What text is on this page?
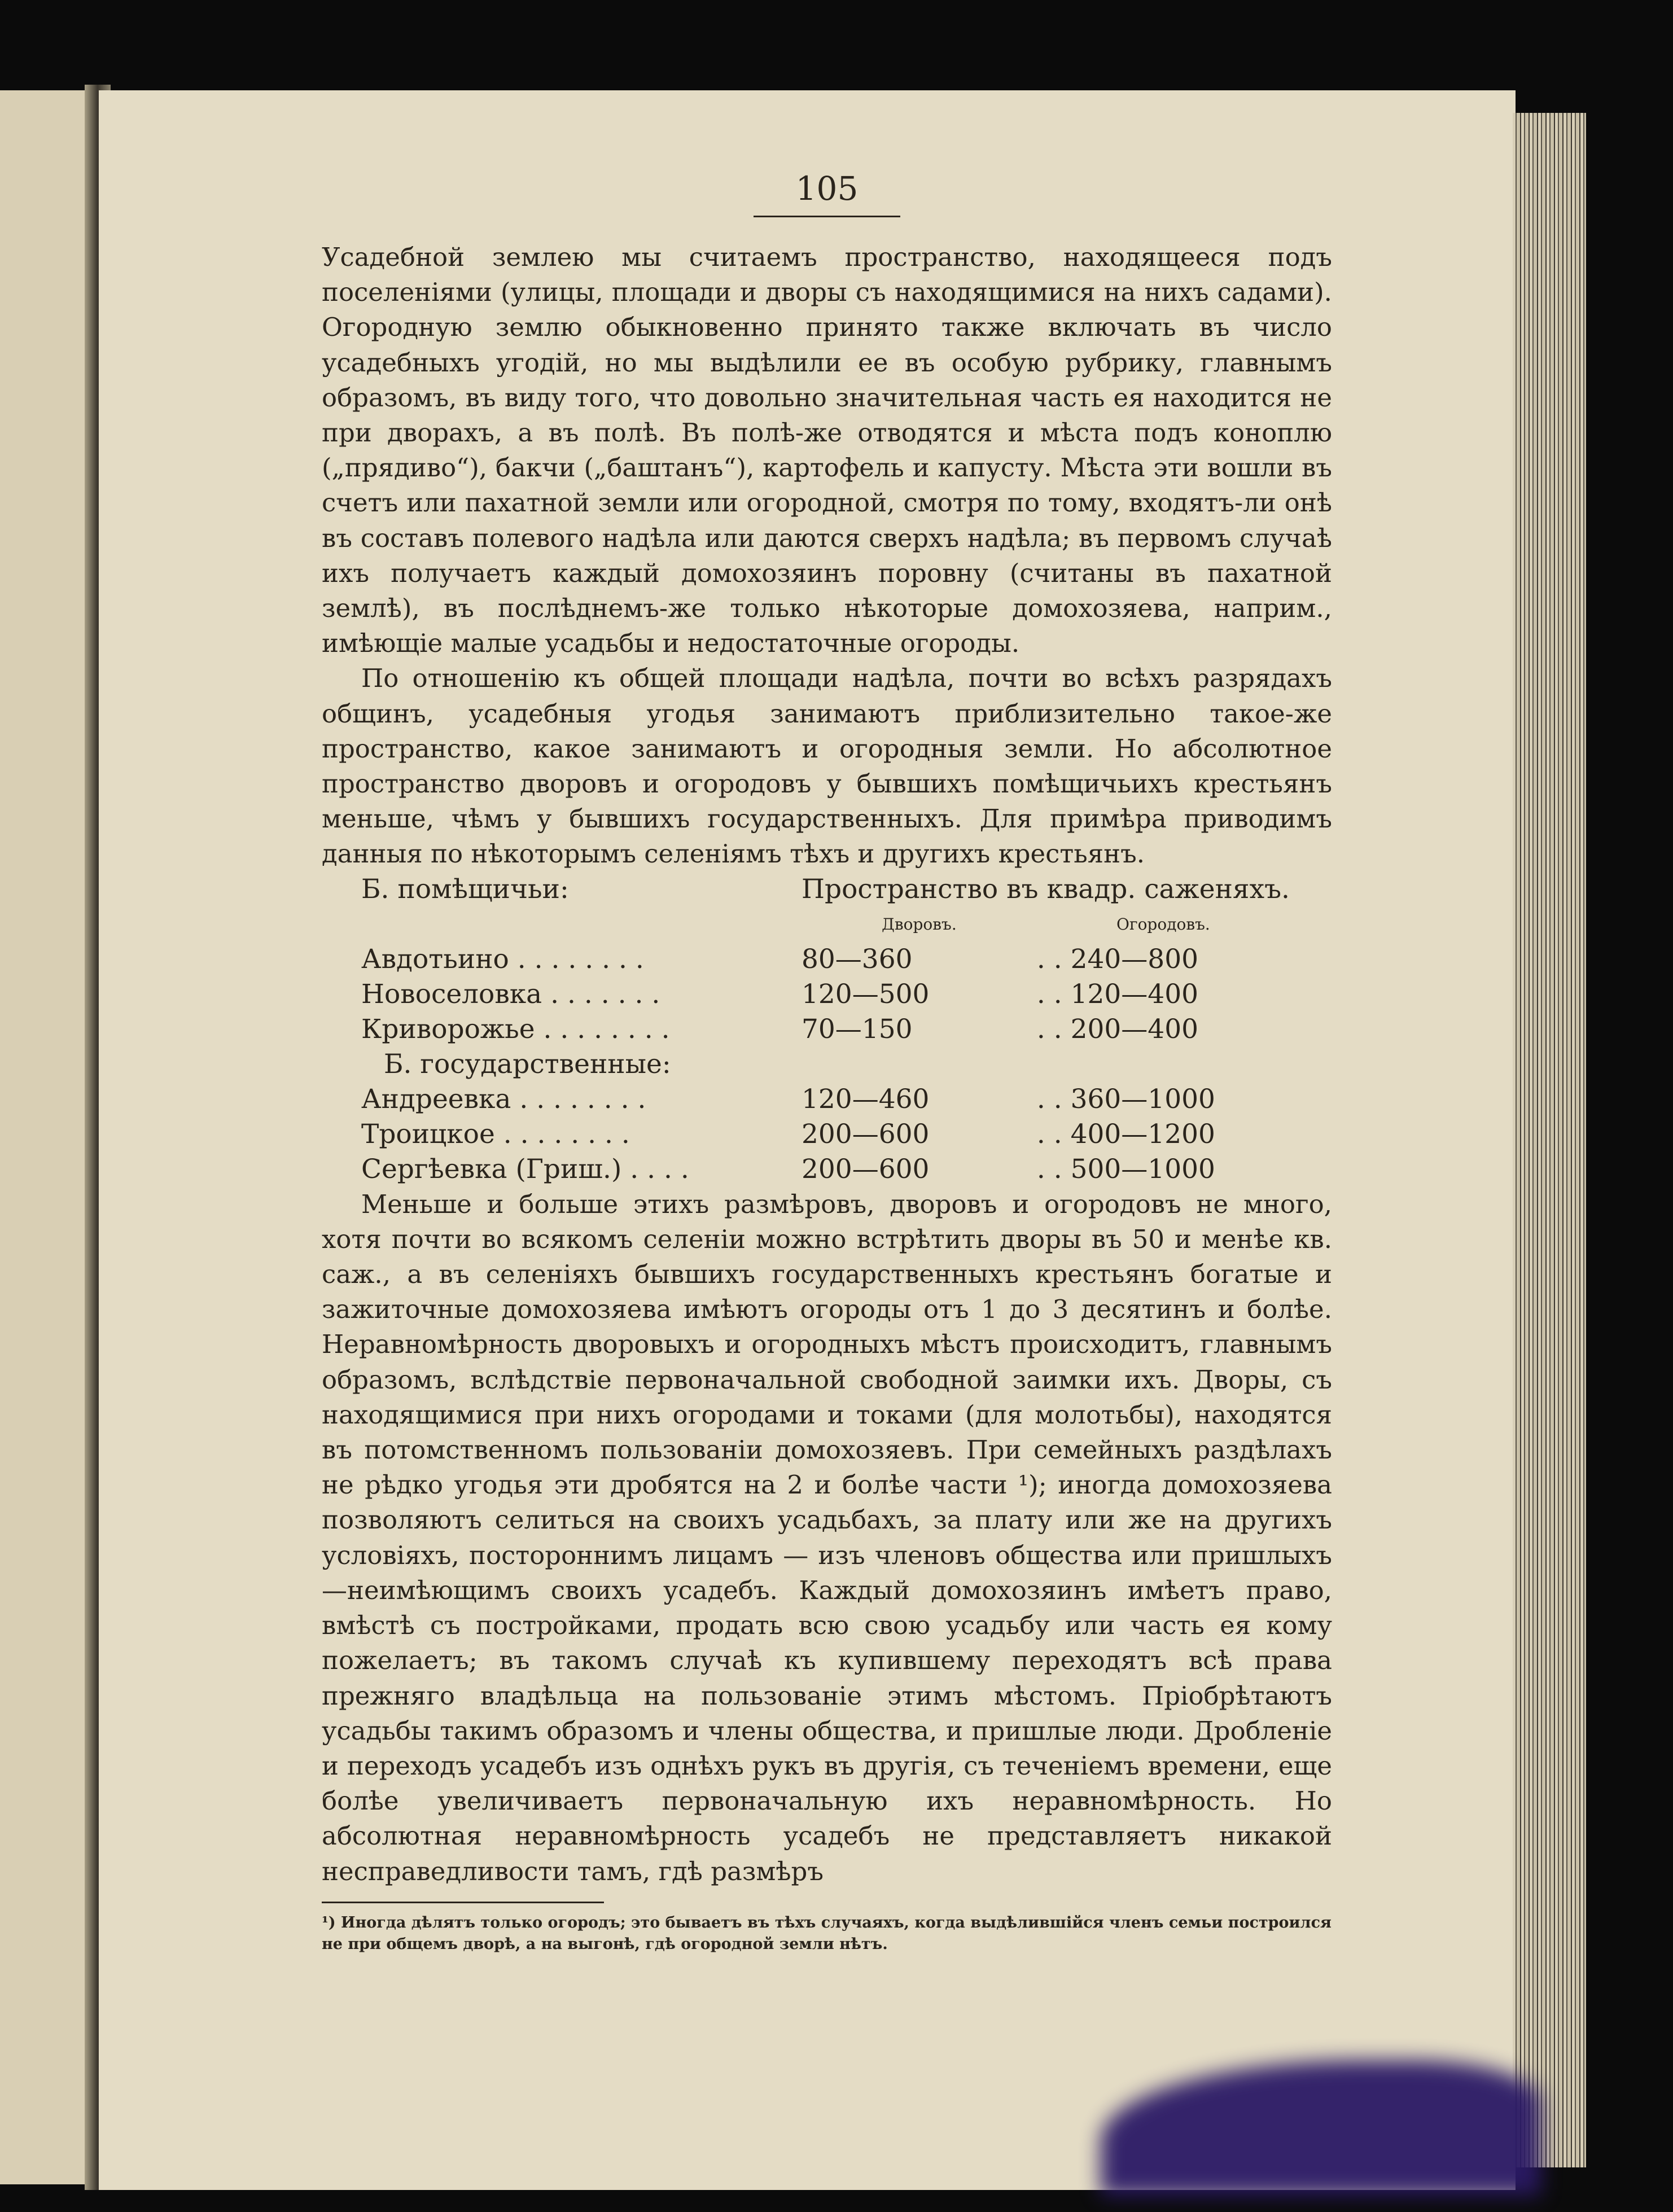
105

Усадебной землею мы считаемъ пространство, находящееся подъ поселеніями (улицы, площади и дворы съ находящимися на нихъ садами). Огородную землю обыкновенно принято также включать въ число усадебныхъ угодій, но мы выдѣлили ее въ особую рубрику, главнымъ образомъ, въ виду того, что довольно значительная часть ея находится не при дворахъ, а въ полѣ. Въ полѣ-же отводятся и мѣста подъ коноплю („прядиво“), бакчи („баштанъ“), картофель и капусту. Мѣста эти вошли въ счетъ или пахатной земли или огородной, смотря по тому, входятъ-ли онѣ въ составъ полевого надѣла или даются сверхъ надѣла; въ первомъ случаѣ ихъ получаетъ каждый домохозяинъ поровну (считаны въ пахатной землѣ), въ послѣднемъ-же только нѣкоторые домохозяева, наприм., имѣющіе малые усадьбы и недостаточные огороды.

По отношенію къ общей площади надѣла, почти во всѣхъ разрядахъ общинъ, усадебныя угодья занимаютъ приблизительно такое-же пространство, какое занимаютъ и огородныя земли. Но абсолютное пространство дворовъ и огородовъ у бывшихъ помѣщичьихъ крестьянъ меньше, чѣмъ у бывшихъ государственныхъ. Для примѣра приводимъ данныя по нѣкоторымъ селеніямъ тѣхъ и другихъ крестьянъ.

Б. помѣщичьи:	Пространство въ квадр. саженяхъ.	
	Дворовъ.	Огородовъ.
Авдотьино . . . . . . . .	80—360	. . 240—800
Новоселовка . . . . . . .	120—500	. . 120—400
Криворожье . . . . . . . .	70—150	. . 200—400
Б. государственные:		
Андреевка . . . . . . . .	120—460	. . 360—1000
Троицкое . . . . . . . .	200—600	. . 400—1200
Сергѣевка (Гриш.) . . . .	200—600	. . 500—1000

Меньше и больше этихъ размѣровъ, дворовъ и огородовъ не много, хотя почти во всякомъ селеніи можно встрѣтить дворы въ 50 и менѣе кв. саж., а въ селеніяхъ бывшихъ государственныхъ крестьянъ богатые и зажиточные домохозяева имѣютъ огороды отъ 1 до 3 десятинъ и болѣе. Неравномѣрность дворовыхъ и огородныхъ мѣстъ происходитъ, главнымъ образомъ, вслѣдствіе первоначальной свободной заимки ихъ. Дворы, съ находящимися при нихъ огородами и токами (для молотьбы), находятся въ потомственномъ пользованіи домохозяевъ. При семейныхъ раздѣлахъ не рѣдко угодья эти дробятся на 2 и болѣе части ¹); иногда домохозяева позволяютъ селиться на своихъ усадьбахъ, за плату или же на другихъ условіяхъ, постороннимъ лицамъ — изъ членовъ общества или пришлыхъ—неимѣющимъ своихъ усадебъ. Каждый домохозяинъ имѣетъ право, вмѣстѣ съ постройками, продать всю свою усадьбу или часть ея кому пожелаетъ; въ такомъ случаѣ къ купившему переходятъ всѣ права прежняго владѣльца на пользованіе этимъ мѣстомъ. Пріобрѣтаютъ усадьбы такимъ образомъ и члены общества, и пришлые люди. Дробленіе и переходъ усадебъ изъ однѣхъ рукъ въ другія, съ теченіемъ времени, еще болѣе увеличиваетъ первоначальную ихъ неравномѣрность. Но абсолютная неравномѣрность усадебъ не представляетъ никакой несправедливости тамъ, гдѣ размѣръ

¹) Иногда дѣлятъ только огородъ; это бываетъ въ тѣхъ случаяхъ, когда выдѣлившійся членъ семьи построился не при общемъ дворѣ, а на выгонѣ, гдѣ огородной земли нѣтъ.
